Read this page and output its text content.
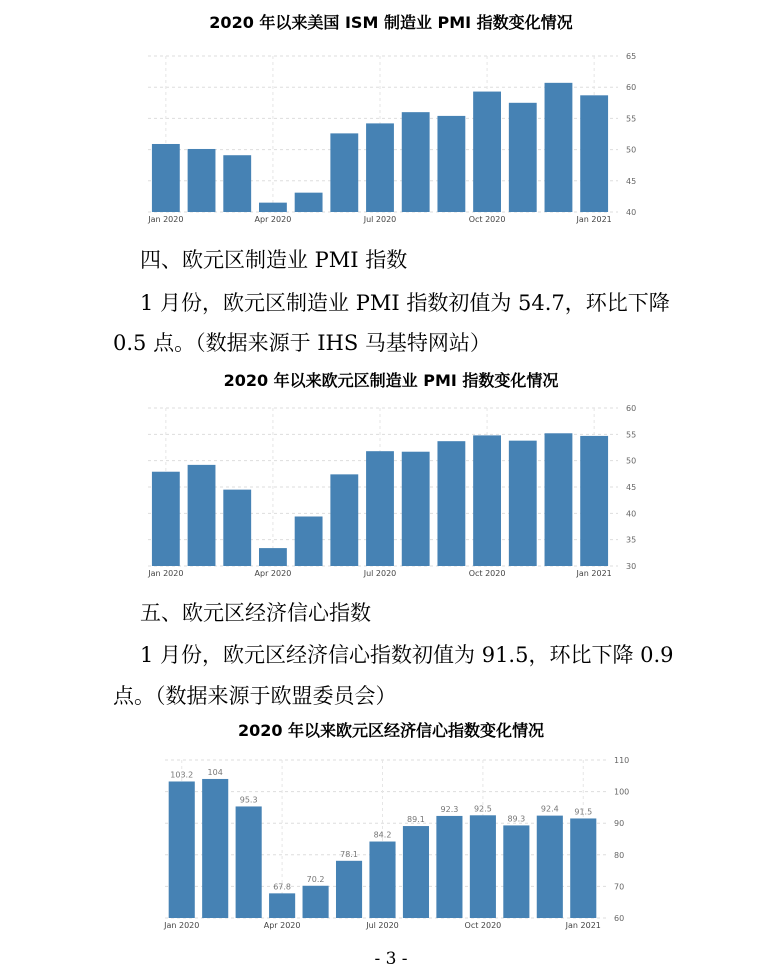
2020 年以来美国 ISM 制造业 PMI 指数变化情况
40
45
50
55
60
65
Jan 2020	Apr 2020	Jul 2020	Oct 2020	Jan 2021
四、欧元区制造业 PMI 指数
1 月份，欧元区制造业 PMI 指数初值为 54.7，环比下降
0.5 点。（数据来源于 IHS 马基特网站）
2020 年以来欧元区制造业 PMI 指数变化情况
30
35
40
45
50
55
60
Jan 2020	Apr 2020	Jul 2020	Oct 2020	Jan 2021
五、欧元区经济信心指数
1 月份，欧元区经济信心指数初值为 91.5，环比下降 0.9
点。（数据来源于欧盟委员会）
2020 年以来欧元区经济信心指数变化情况
60
70
80
90
100
110
Jan 2020	Apr 2020	Jul 2020	Oct 2020	Jan 2021
103.2 104
95.3
67.8
70.2
78.1
84.2
89.1
92.3 92.5
89.3
92.4 91.5
- 3 -
